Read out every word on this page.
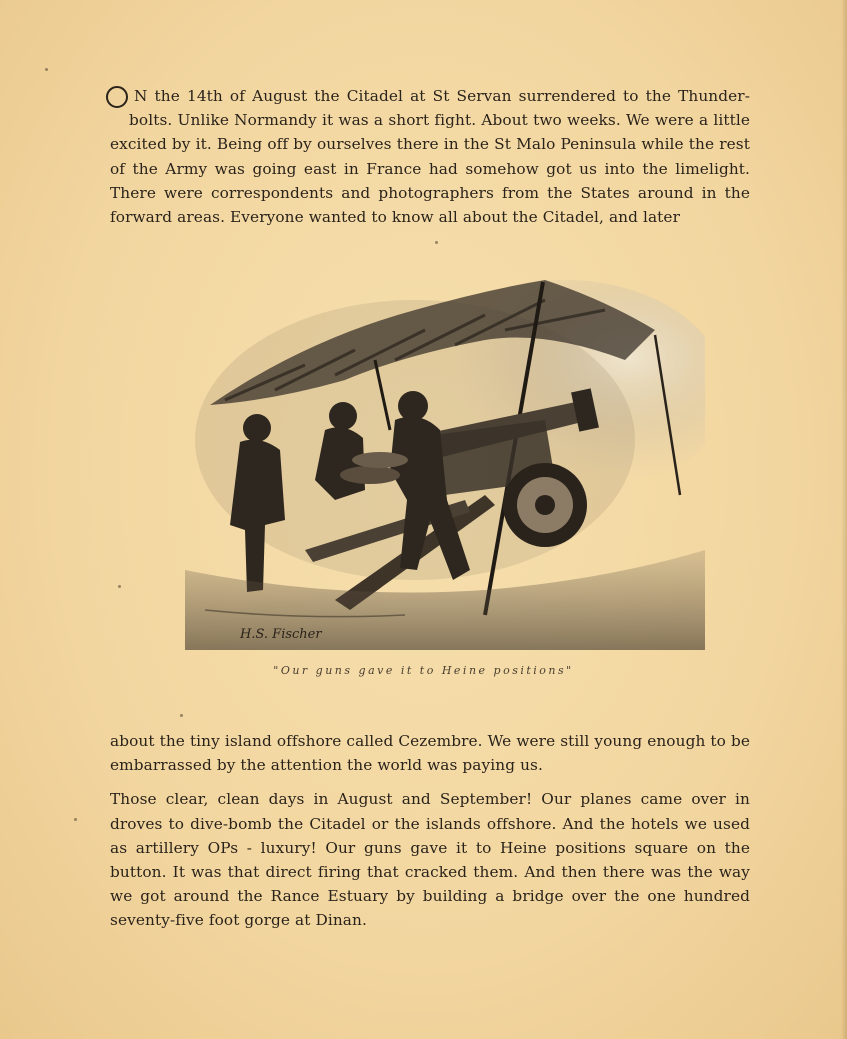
N the 14th of August the Citadel at St Servan surrendered to the Thunder- bolts. Unlike Normandy it was a short fight. About two weeks. We were a little excited by it. Being off by ourselves there in the St Malo Peninsula while the rest of the Army was going east in France had somehow got us into the limelight. There were correspondents and photographers from the States around in the forward areas. Everyone wanted to know all about the Citadel, and later
H.S. Fischer
"Our guns gave it to Heine positions"

about the tiny island offshore called Cezembre. We were still young enough to be embarrassed by the attention the world was paying us.

Those clear, clean days in August and September! Our planes came over in droves to dive-bomb the Citadel or the islands offshore. And the hotels we used as artillery OPs - luxury! Our guns gave it to Heine positions square on the button. It was that direct firing that cracked them. And then there was the way we got around the Rance Estuary by building a bridge over the one hundred seventy-five foot gorge at Dinan.
